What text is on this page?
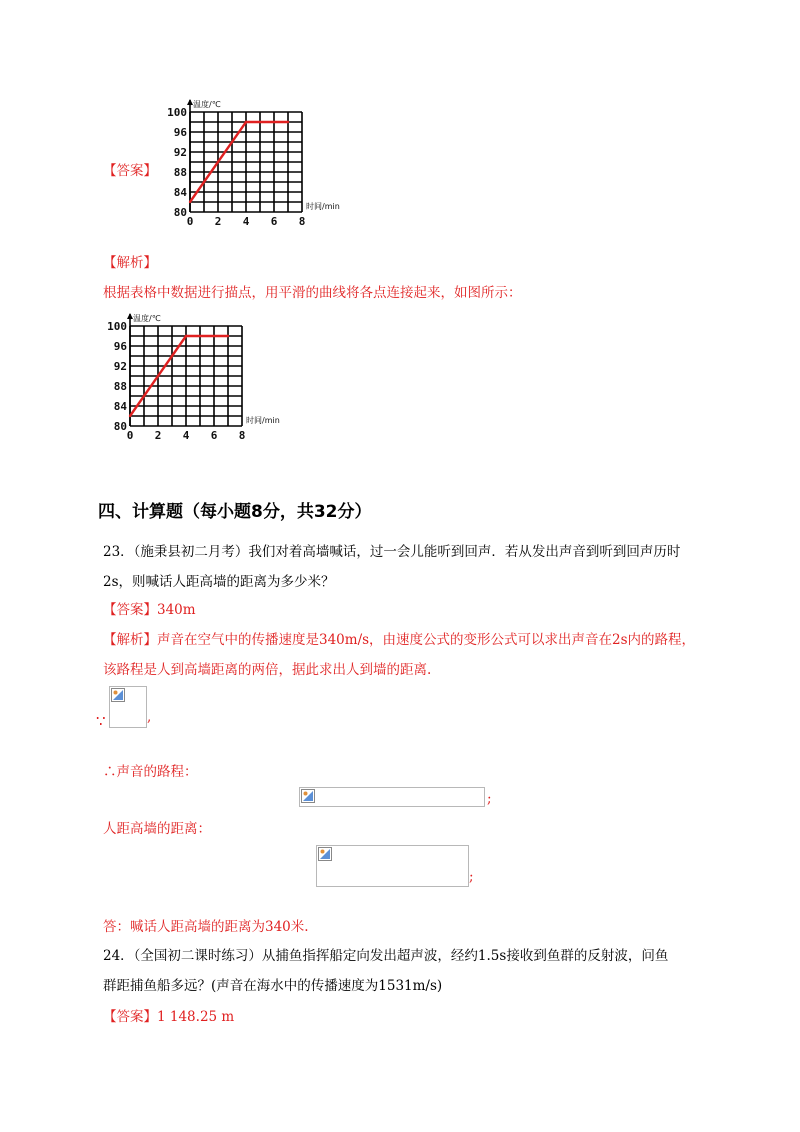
【答案】
温度/℃
时间/min
100
96
92
88
84
80
0 2 4 6 8
【解析】
根据表格中数据进行描点，用平滑的曲线将各点连接起来，如图所示：
温度/℃
时间/min
100
96
92
88
84
80
0 2 4 6 8
四、计算题（每小题8分，共32分）
23．（施秉县初二月考）我们对着高墙喊话，过一会儿能听到回声．若从发出声音到听到回声历时
2s，则喊话人距高墙的距离为多少米？
【答案】340m
【解析】声音在空气中的传播速度是340m/s，由速度公式的变形公式可以求出声音在2s内的路程，
该路程是人到高墙距离的两倍，据此求出人到墙的距离.
∵	,
∴声音的路程：
;
人距高墙的距离：
;
答：喊话人距高墙的距离为340米.
24．（全国初二课时练习）从捕鱼指挥船定向发出超声波，经约1.5s接收到鱼群的反射波，问鱼
群距捕鱼船多远？(声音在海水中的传播速度为1531m/s)
【答案】1 148.25 m
